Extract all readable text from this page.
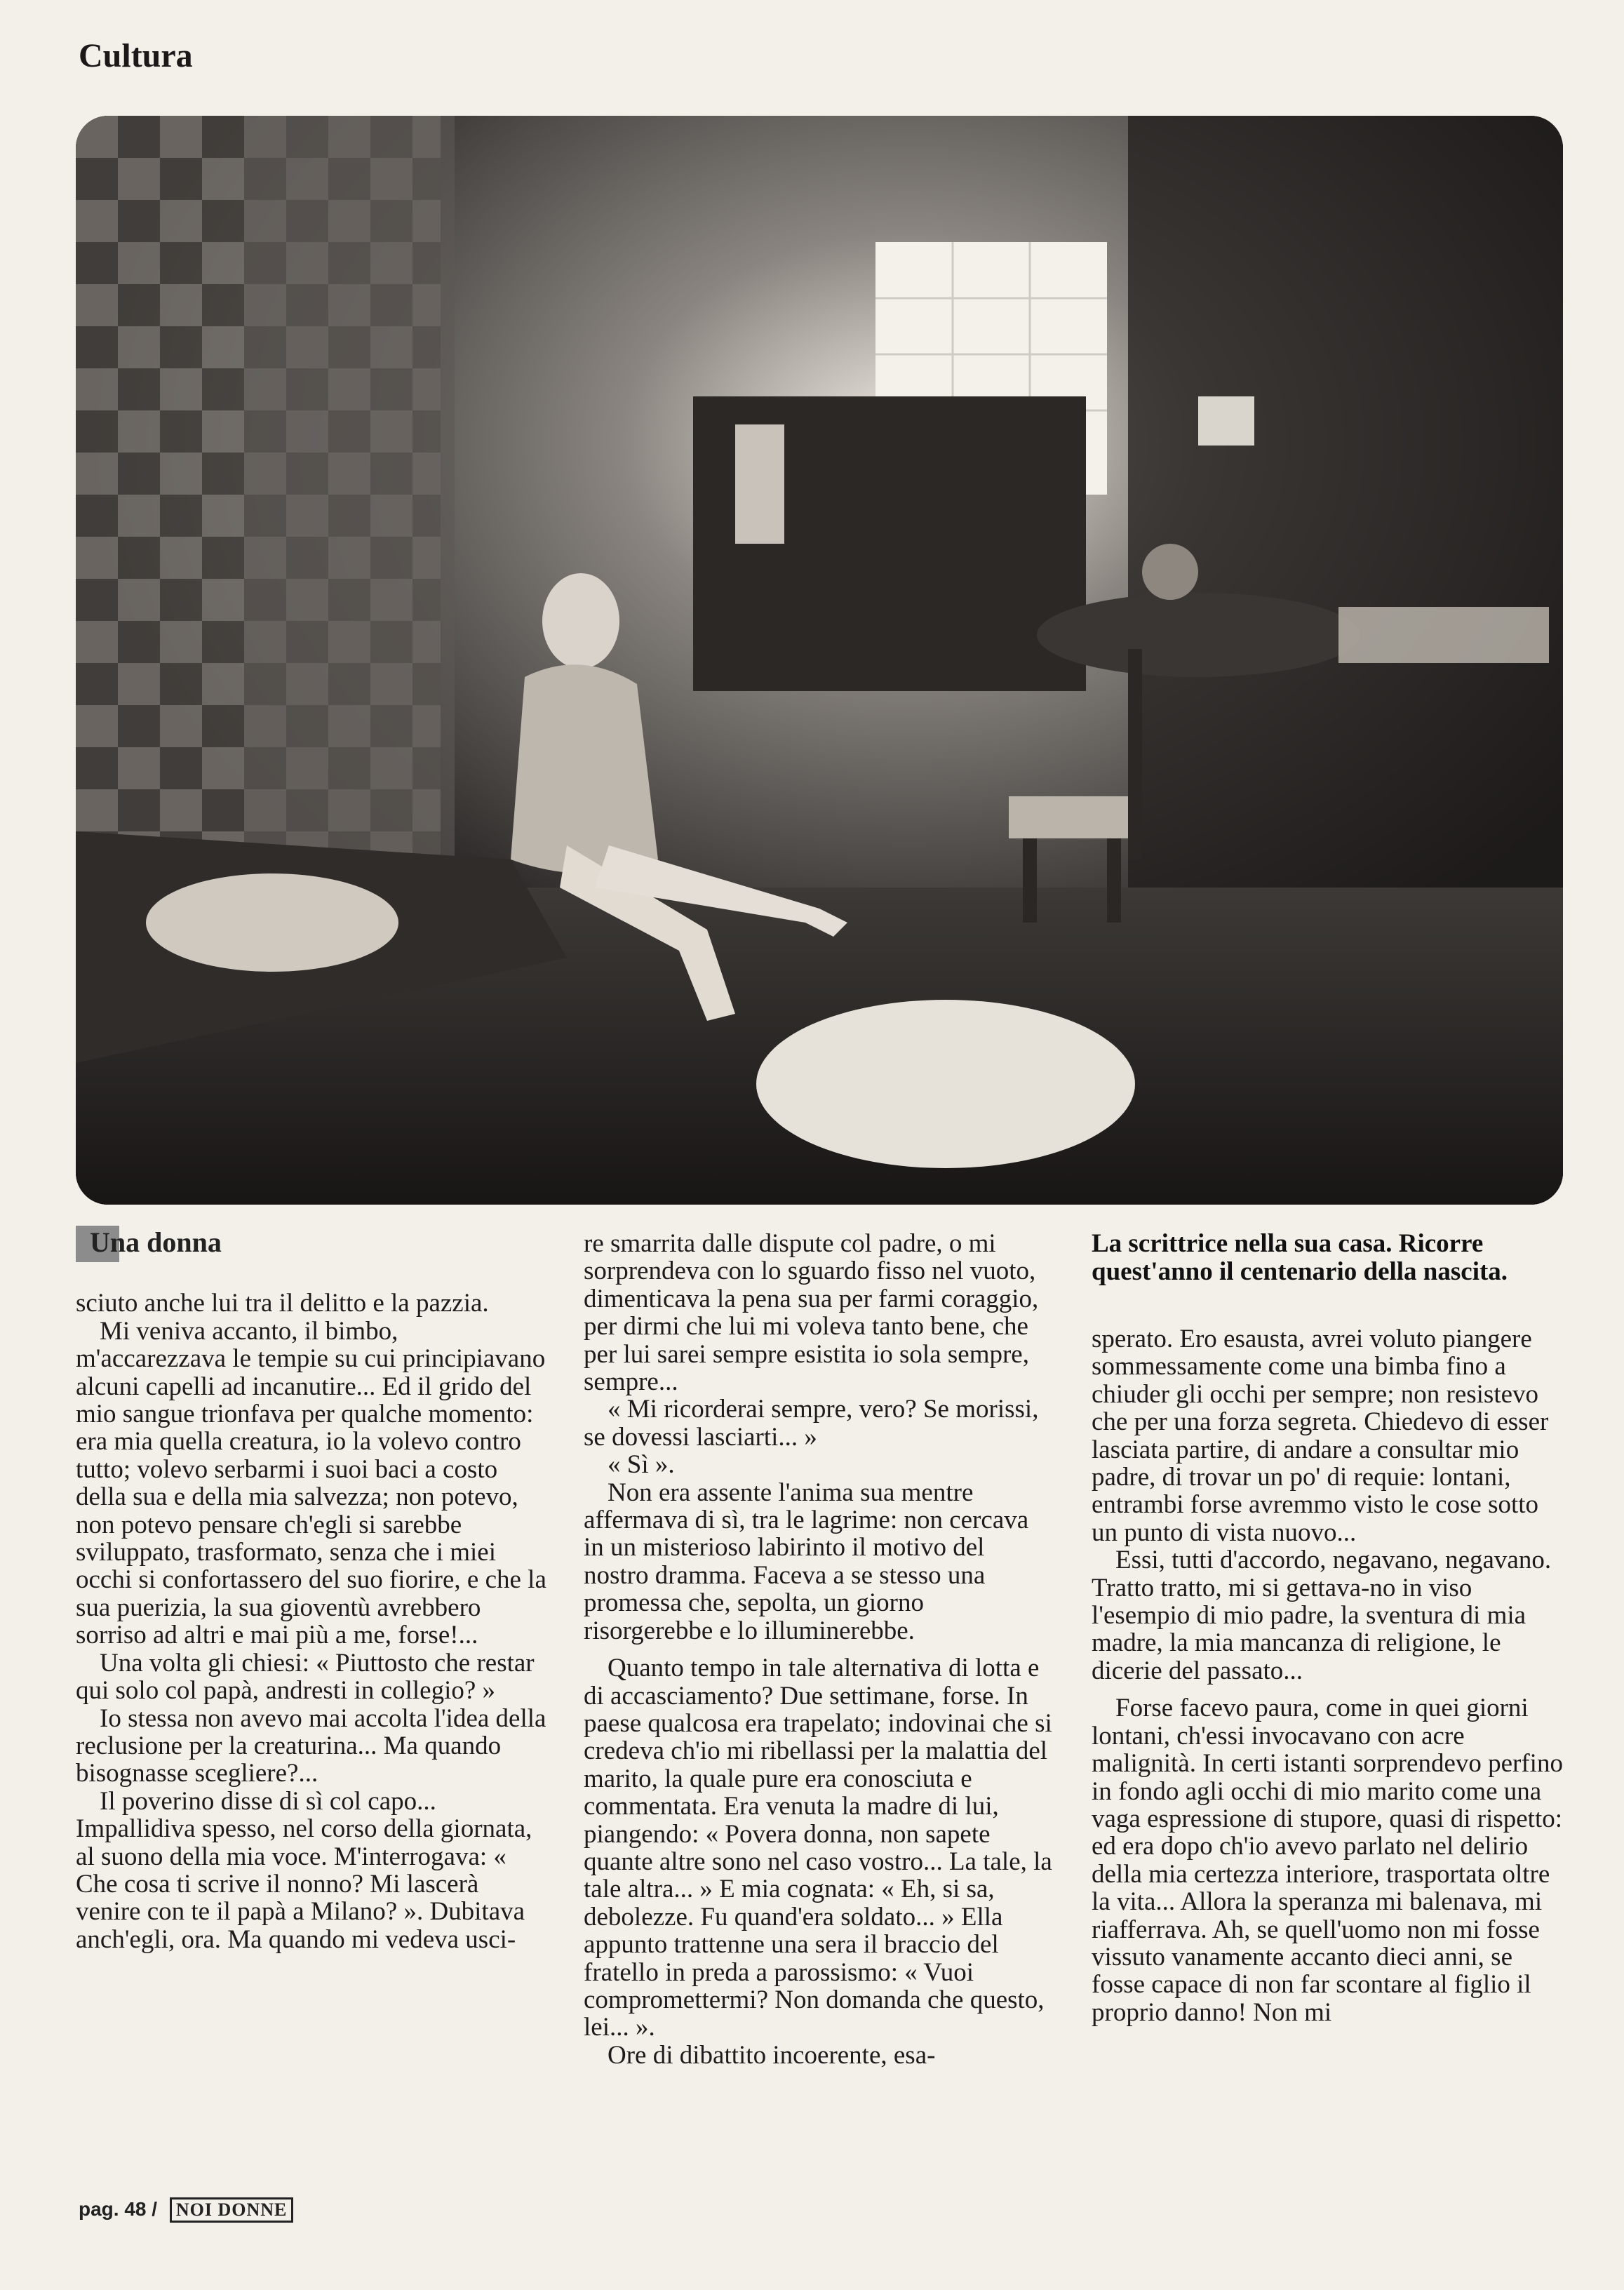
Cultura
Una donna

sciuto anche lui tra il delitto e la pazzia.

Mi veniva accanto, il bimbo, m'accarezzava le tempie su cui principiavano alcuni capelli ad incanutire... Ed il grido del mio sangue trionfava per qualche momento: era mia quella creatura, io la volevo contro tutto; volevo serbarmi i suoi baci a costo della sua e della mia salvezza; non potevo, non potevo pensare ch'egli si sarebbe sviluppato, trasformato, senza che i miei occhi si confortassero del suo fiorire, e che la sua puerizia, la sua gioventù avrebbero sorriso ad altri e mai più a me, forse!...

Una volta gli chiesi: « Piuttosto che restar qui solo col papà, andresti in collegio? »

Io stessa non avevo mai accolta l'idea della reclusione per la creaturina... Ma quando bisognasse scegliere?...

Il poverino disse di sì col capo... Impallidiva spesso, nel corso della giornata, al suono della mia voce. M'interrogava: « Che cosa ti scrive il nonno? Mi lascerà venire con te il papà a Milano? ». Dubitava anch'egli, ora. Ma quando mi vedeva usci-

re smarrita dalle dispute col padre, o mi sorprendeva con lo sguardo fisso nel vuoto, dimenticava la pena sua per farmi coraggio, per dirmi che lui mi voleva tanto bene, che per lui sarei sempre esistita io sola sempre, sempre...

« Mi ricorderai sempre, vero? Se morissi, se dovessi lasciarti... »

« Sì ».

Non era assente l'anima sua mentre affermava di sì, tra le lagrime: non cercava in un misterioso labirinto il motivo del nostro dramma. Faceva a se stesso una promessa che, sepolta, un giorno risorgerebbe e lo illuminerebbe.

Quanto tempo in tale alternativa di lotta e di accasciamento? Due settimane, forse. In paese qualcosa era trapelato; indovinai che si credeva ch'io mi ribellassi per la malattia del marito, la quale pure era conosciuta e commentata. Era venuta la madre di lui, piangendo: « Povera donna, non sapete quante altre sono nel caso vostro... La tale, la tale altra... » E mia cognata: « Eh, si sa, debolezze. Fu quand'era soldato... » Ella appunto trattenne una sera il braccio del fratello in preda a parossismo: « Vuoi compromettermi? Non domanda che questo, lei... ».

Ore di dibattito incoerente, esa-

La scrittrice nella sua casa. Ricorre quest'anno il centenario della nascita.

sperato. Ero esausta, avrei voluto piangere sommessamente come una bimba fino a chiuder gli occhi per sempre; non resistevo che per una forza segreta. Chiedevo di esser lasciata partire, di andare a consultar mio padre, di trovar un po' di requie: lontani, entrambi forse avremmo visto le cose sotto un punto di vista nuovo...

Essi, tutti d'accordo, negavano, negavano. Tratto tratto, mi si gettava-no in viso l'esempio di mio padre, la sventura di mia madre, la mia mancanza di religione, le dicerie del passato...

Forse facevo paura, come in quei giorni lontani, ch'essi invocavano con acre malignità. In certi istanti sorprendevo perfino in fondo agli occhi di mio marito come una vaga espressione di stupore, quasi di rispetto: ed era dopo ch'io avevo parlato nel delirio della mia certezza interiore, trasportata oltre la vita... Allora la speranza mi balenava, mi riafferrava. Ah, se quell'uomo non mi fosse vissuto vanamente accanto dieci anni, se fosse capace di non far scontare al figlio il proprio danno! Non mi

pag. 48 / NOI DONNE
